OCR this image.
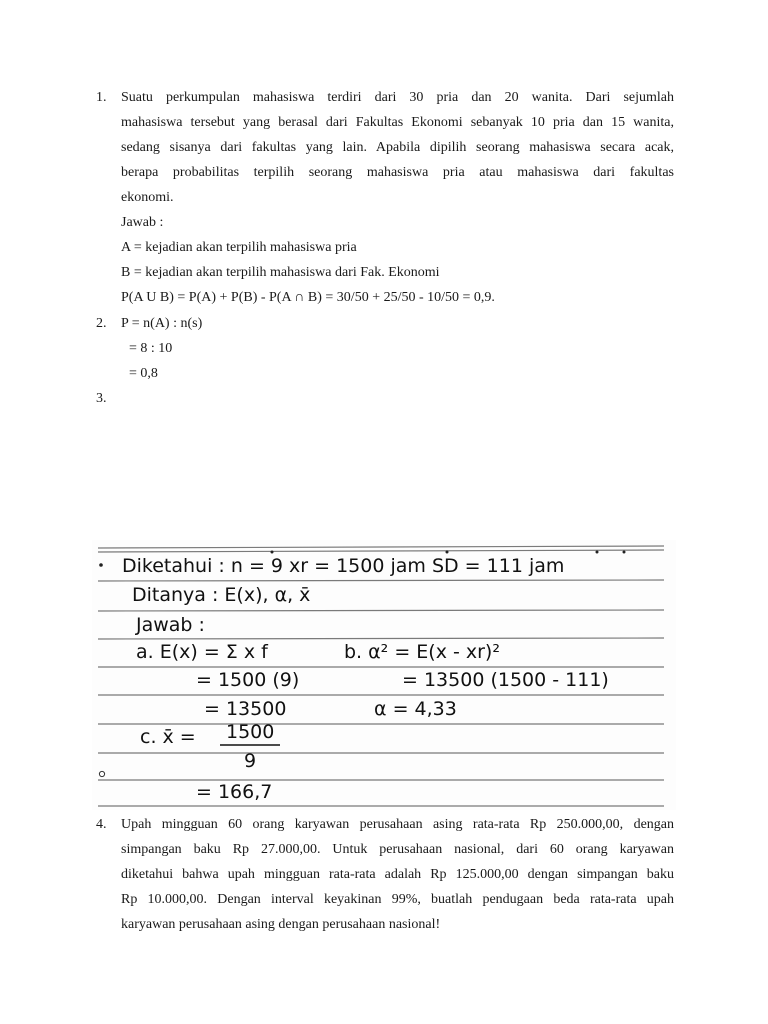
1.	Suatu perkumpulan mahasiswa terdiri dari 30 pria dan 20 wanita. Dari sejumlah
mahasiswa tersebut yang berasal dari Fakultas Ekonomi sebanyak 10 pria dan 15 wanita,
sedang sisanya dari fakultas yang lain. Apabila dipilih seorang mahasiswa secara acak,
berapa probabilitas terpilih seorang mahasiswa pria atau mahasiswa dari fakultas
ekonomi.
Jawab :
A = kejadian akan terpilih mahasiswa pria
B = kejadian akan terpilih mahasiswa dari Fak. Ekonomi
P(A U B) = P(A) + P(B) - P(A ∩ B) = 30/50 + 25/50 - 10/50 = 0,9.
2.	P = n(A) : n(s)
= 8 : 10
= 0,8
3.
Diketahui : n = 9 xr = 1500 jam SD = 111 jam
Ditanya : E(x), α, x̄
Jawab :
a. E(x) = Σ x f	b. α² = E(x - xr)²
= 1500 (9)	= 13500 (1500 - 111)
= 13500	α = 4,33
c. x̄ = 1500
9
= 166,7
4.	Upah mingguan 60 orang karyawan perusahaan asing rata-rata Rp 250.000,00, dengan
simpangan baku Rp 27.000,00. Untuk perusahaan nasional, dari 60 orang karyawan
diketahui bahwa upah mingguan rata-rata adalah Rp 125.000,00 dengan simpangan baku
Rp 10.000,00. Dengan interval keyakinan 99%, buatlah pendugaan beda rata-rata upah
karyawan perusahaan asing dengan perusahaan nasional!
